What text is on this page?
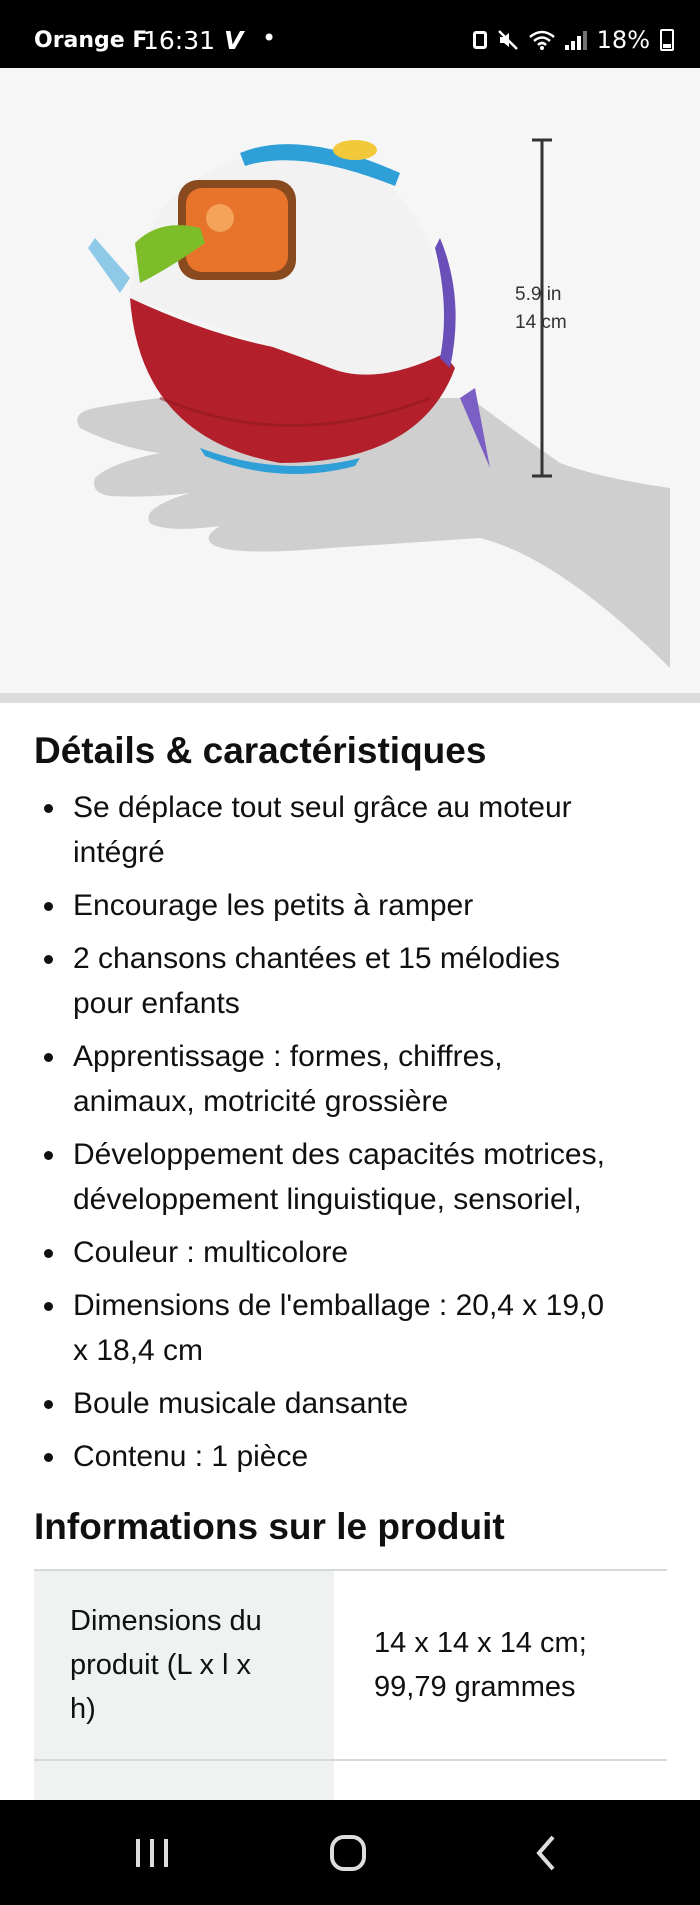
Orange F
16:31 V •	18%
5.9 in
14 cm
Détails & caractéristiques
Se déplace tout seul grâce au moteur
intégré
Encourage les petits à ramper
2 chansons chantées et 15 mélodies
pour enfants
Apprentissage : formes, chiffres,
animaux, motricité grossière
Développement des capacités motrices,
développement linguistique, sensoriel,
Couleur : multicolore
Dimensions de l'emballage : 20,4 x 19,0
x 18,4 cm
Boule musicale dansante
Contenu : 1 pièce
Informations sur le produit
Dimensions du
produit (L x l x
h)
14 x 14 x 14 cm;
99,79 grammes
